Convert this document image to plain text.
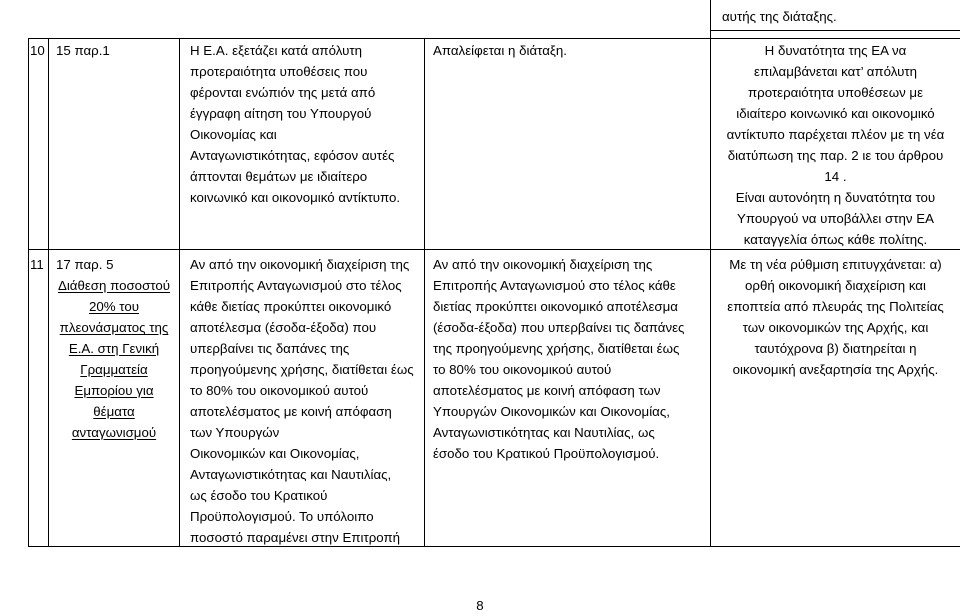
αυτής της διάταξης.

10 15 παρ.1	Η Ε.Α. εξετάζει κατά απόλυτη

προτεραιότητα υποθέσεις που

φέρονται ενώπιόν της μετά από

έγγραφη αίτηση του Υπουργού

Οικονομίας και

Ανταγωνιστικότητας, εφόσον αυτές

άπτονται θεμάτων με ιδιαίτερο

κοινωνικό και οικονομικό αντίκτυπο.

Απαλείφεται η διάταξη.	Η δυνατότητα της ΕΑ να

επιλαμβάνεται κατ’ απόλυτη

προτεραιότητα υποθέσεων με

ιδιαίτερο κοινωνικό και οικονομικό

αντίκτυπο παρέχεται πλέον με τη νέα

διατύπωση της παρ. 2 ιε του άρθρου

14 .

Είναι αυτονόητη η δυνατότητα του

Υπουργού να υποβάλλει στην ΕΑ

καταγγελία όπως κάθε πολίτης.

11 17 παρ. 5

Διάθεση ποσοστού

20% του

πλεονάσματος της

Ε.Α. στη Γενική

Γραμματεία

Εμπορίου για

θέματα

ανταγωνισμού

Αν από την οικονομική διαχείριση της

Επιτροπής Ανταγωνισμού στο τέλος

κάθε διετίας προκύπτει οικονομικό

αποτέλεσμα (έσοδα-έξοδα) που

υπερβαίνει τις δαπάνες της

προηγούμενης χρήσης, διατίθεται έως

το 80% του οικονομικού αυτού

αποτελέσματος με κοινή απόφαση

των Υπουργών

Οικονομικών και Οικονομίας,

Ανταγωνιστικότητας και Ναυτιλίας,

ως έσοδο του Κρατικού

Προϋπολογισμού. Το υπόλοιπο

ποσοστό παραμένει στην Επιτροπή

Αν από την οικονομική διαχείριση της

Επιτροπής Ανταγωνισμού στο τέλος κάθε

διετίας προκύπτει οικονομικό αποτέλεσμα

(έσοδα-έξοδα) που υπερβαίνει τις δαπάνες

της προηγούμενης χρήσης, διατίθεται έως

το 80% του οικονομικού αυτού

αποτελέσματος με κοινή απόφαση των

Υπουργών Οικονομικών και Οικονομίας,

Ανταγωνιστικότητας και Ναυτιλίας, ως

έσοδο του Κρατικού Προϋπολογισμού.

Με τη νέα ρύθμιση επιτυγχάνεται: α)

ορθή οικονομική διαχείριση και

εποπτεία από πλευράς της Πολιτείας

των οικονομικών της Αρχής, και

ταυτόχρονα β) διατηρείται η

οικονομική ανεξαρτησία της Αρχής.

8
